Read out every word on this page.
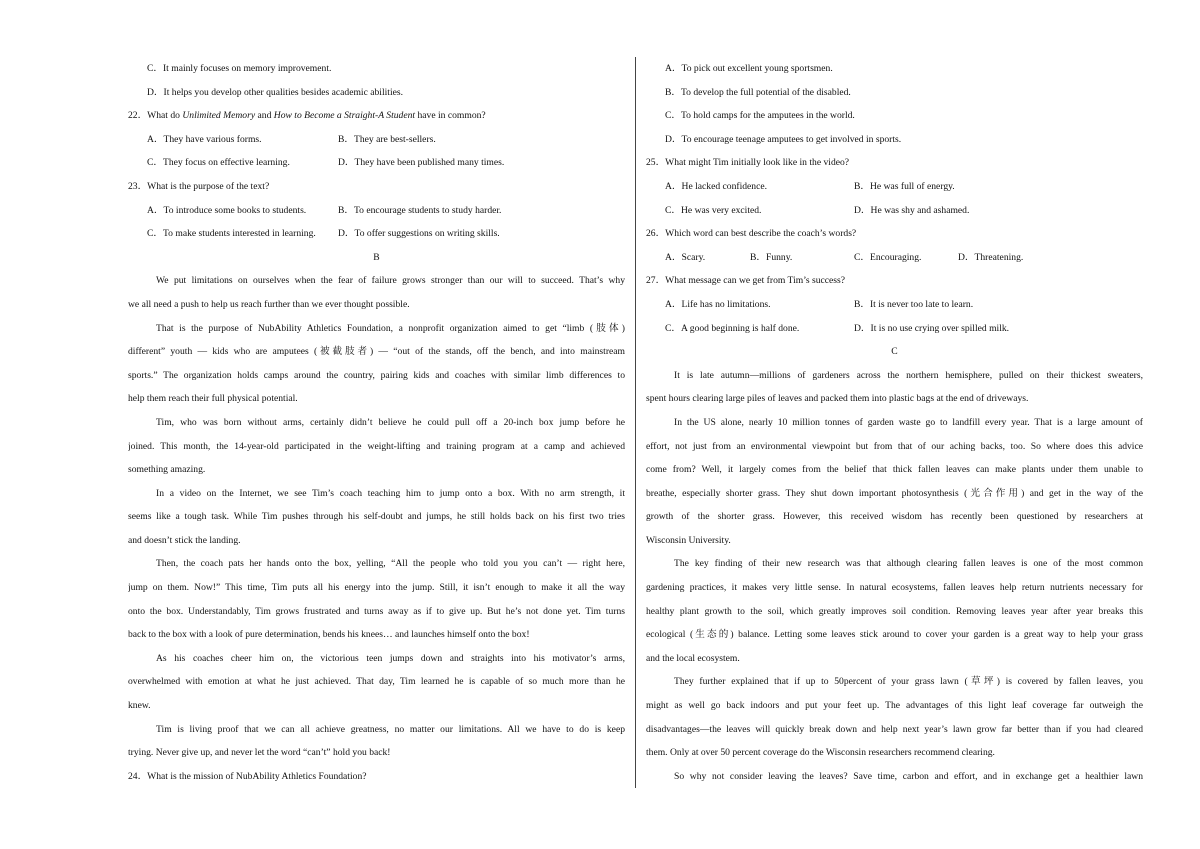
C．It mainly focuses on memory improvement.
D．It helps you develop other qualities besides academic abilities.
22．What do Unlimited Memory and How to Become a Straight-A Student have in common?
A．They have various forms.	B．They are best-sellers.
C．They focus on effective learning.	D．They have been published many times.
23．What is the purpose of the text?
A．To introduce some books to students.	B．To encourage students to study harder.
C．To make students interested in learning.	D．To offer suggestions on writing skills.
B
We put limitations on ourselves when the fear of failure grows stronger than our will to succeed. That’s why
we all need a push to help us reach further than we ever thought possible.
That is the purpose of NubAbility Athletics Foundation, a nonprofit organization aimed to get “limb (肢体)
different” youth — kids who are amputees (被截肢者) — “out of the stands, off the bench, and into mainstream
sports.” The organization holds camps around the country, pairing kids and coaches with similar limb differences to
help them reach their full physical potential.
Tim, who was born without arms, certainly didn’t believe he could pull off a 20-inch box jump before he
joined. This month, the 14-year-old participated in the weight-lifting and training program at a camp and achieved
something amazing.
In a video on the Internet, we see Tim’s coach teaching him to jump onto a box. With no arm strength, it
seems like a tough task. While Tim pushes through his self-doubt and jumps, he still holds back on his first two tries
and doesn’t stick the landing.
Then, the coach pats her hands onto the box, yelling, “All the people who told you you can’t — right here,
jump on them. Now!” This time, Tim puts all his energy into the jump. Still, it isn’t enough to make it all the way
onto the box. Understandably, Tim grows frustrated and turns away as if to give up. But he’s not done yet. Tim turns
back to the box with a look of pure determination, bends his knees… and launches himself onto the box!
As his coaches cheer him on, the victorious teen jumps down and straights into his motivator’s arms,
overwhelmed with emotion at what he just achieved. That day, Tim learned he is capable of so much more than he
knew.
Tim is living proof that we can all achieve greatness, no matter our limitations. All we have to do is keep
trying. Never give up, and never let the word “can’t” hold you back!
24．What is the mission of NubAbility Athletics Foundation?
A．To pick out excellent young sportsmen.
B．To develop the full potential of the disabled.
C．To hold camps for the amputees in the world.
D．To encourage teenage amputees to get involved in sports.
25．What might Tim initially look like in the video?
A．He lacked confidence.	B．He was full of energy.
C．He was very excited.	D．He was shy and ashamed.
26．Which word can best describe the coach’s words?
A．Scary.	B．Funny.	C．Encouraging.	D．Threatening.
27．What message can we get from Tim’s success?
A．Life has no limitations.	B．It is never too late to learn.
C．A good beginning is half done.	D．It is no use crying over spilled milk.
C
It is late autumn—millions of gardeners across the northern hemisphere, pulled on their thickest sweaters,
spent hours clearing large piles of leaves and packed them into plastic bags at the end of driveways.
In the US alone, nearly 10 million tonnes of garden waste go to landfill every year. That is a large amount of
effort, not just from an environmental viewpoint but from that of our aching backs, too. So where does this advice
come from? Well, it largely comes from the belief that thick fallen leaves can make plants under them unable to
breathe, especially shorter grass. They shut down important photosynthesis (光合作用) and get in the way of the
growth of the shorter grass. However, this received wisdom has recently been questioned by researchers at
Wisconsin University.
The key finding of their new research was that although clearing fallen leaves is one of the most common
gardening practices, it makes very little sense. In natural ecosystems, fallen leaves help return nutrients necessary for
healthy plant growth to the soil, which greatly improves soil condition. Removing leaves year after year breaks this
ecological (生态的) balance. Letting some leaves stick around to cover your garden is a great way to help your grass
and the local ecosystem.
They further explained that if up to 50percent of your grass lawn (草坪) is covered by fallen leaves, you
might as well go back indoors and put your feet up. The advantages of this light leaf coverage far outweigh the
disadvantages—the leaves will quickly break down and help next year’s lawn grow far better than if you had cleared
them. Only at over 50 percent coverage do the Wisconsin researchers recommend clearing.
So why not consider leaving the leaves? Save time, carbon and effort, and in exchange get a healthier lawn
